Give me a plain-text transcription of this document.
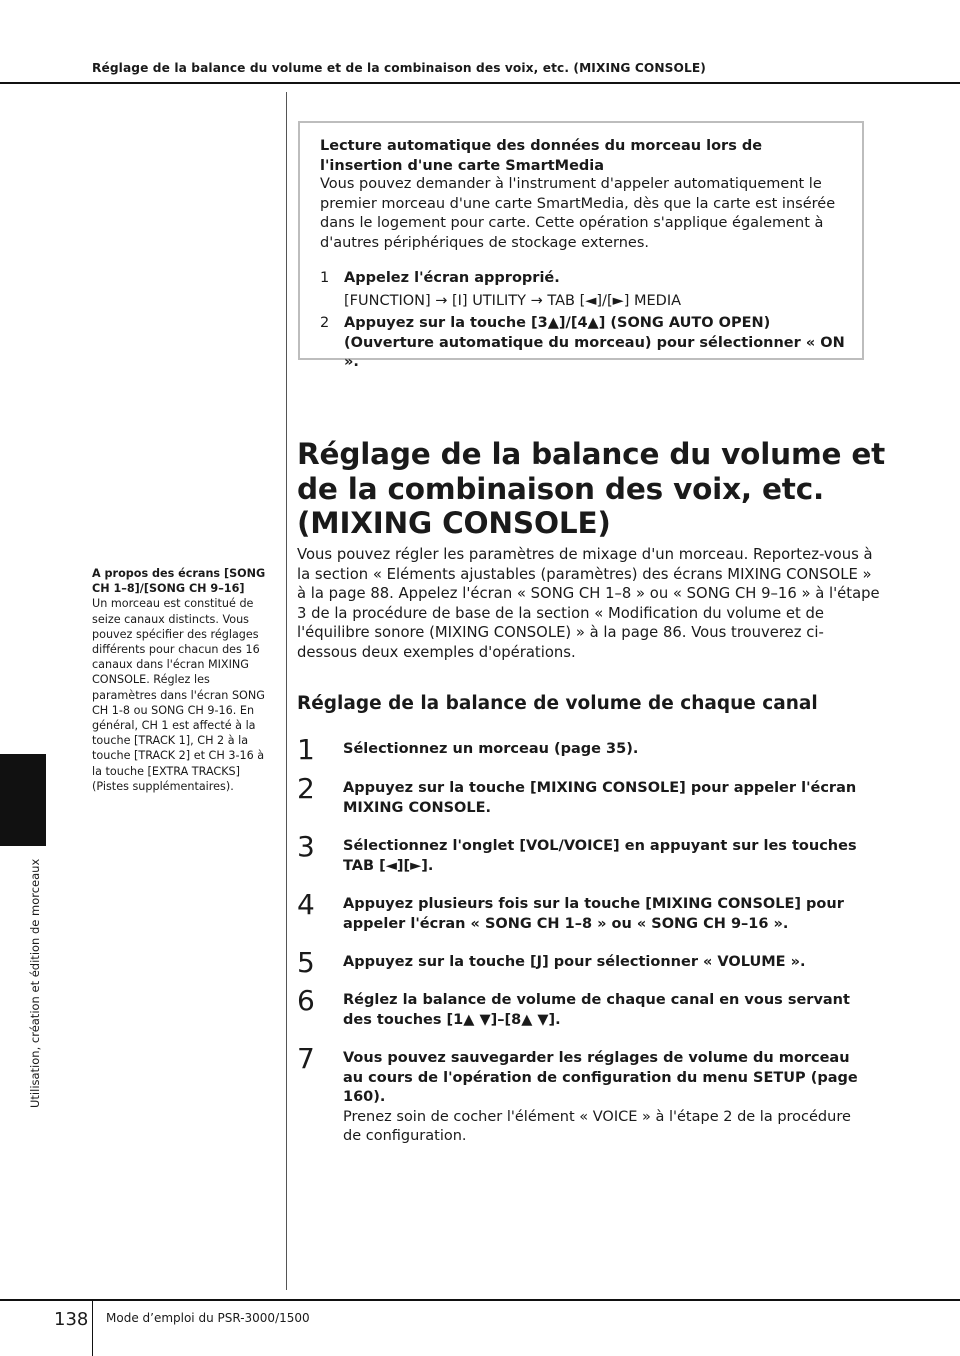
Réglage de la balance du volume et de la combinaison des voix, etc. (MIXING CONSOLE)
Lecture automatique des données du morceau lors de l'insertion d'une carte SmartMedia

Vous pouvez demander à l'instrument d'appeler automatiquement le premier morceau d'une carte SmartMedia, dès que la carte est insérée dans le logement pour carte. Cette opération s'applique également à d'autres périphériques de stockage externes.

1 Appelez l'écran approprié.
[FUNCTION] → [I] UTILITY → TAB [◄]/[►] MEDIA
2 Appuyez sur la touche [3▲]/[4▲] (SONG AUTO OPEN) (Ouverture automatique du morceau) pour sélectionner « ON ».
Réglage de la balance du volume et de la combinaison des voix, etc. (MIXING CONSOLE)

Vous pouvez régler les paramètres de mixage d'un morceau. Reportez-vous à la section « Eléments ajustables (paramètres) des écrans MIXING CONSOLE » à la page 88. Appelez l'écran « SONG CH 1–8 » ou « SONG CH 9–16 » à l'étape 3 de la procédure de base de la section « Modification du volume et de l'équilibre sonore (MIXING CONSOLE) » à la page 86. Vous trouverez ci-dessous deux exemples d'opérations.

Réglage de la balance de volume de chaque canal
1 Sélectionnez un morceau (page 35).
2 Appuyez sur la touche [MIXING CONSOLE] pour appeler l'écran MIXING CONSOLE.
3 Sélectionnez l'onglet [VOL/VOICE] en appuyant sur les touches TAB [◄][►].
4 Appuyez plusieurs fois sur la touche [MIXING CONSOLE] pour appeler l'écran « SONG CH 1–8 » ou « SONG CH 9–16 ».
5 Appuyez sur la touche [J] pour sélectionner « VOLUME ».
6 Réglez la balance de volume de chaque canal en vous servant des touches [1▲ ▼]–[8▲ ▼].
7 Vous pouvez sauvegarder les réglages de volume du morceau au cours de l'opération de configuration du menu SETUP (page 160).
Prenez soin de cocher l'élément « VOICE » à l'étape 2 de la procédure de configuration.
A propos des écrans [SONG CH 1–8]/[SONG CH 9–16]
Un morceau est constitué de seize canaux distincts. Vous pouvez spécifier des réglages différents pour chacun des 16 canaux dans l'écran MIXING CONSOLE. Réglez les paramètres dans l'écran SONG CH 1-8 ou SONG CH 9-16. En général, CH 1 est affecté à la touche [TRACK 1], CH 2 à la touche [TRACK 2] et CH 3-16 à la touche [EXTRA TRACKS] (Pistes supplémentaires).
Utilisation, création et édition de morceaux
138 Mode d’emploi du PSR-3000/1500
